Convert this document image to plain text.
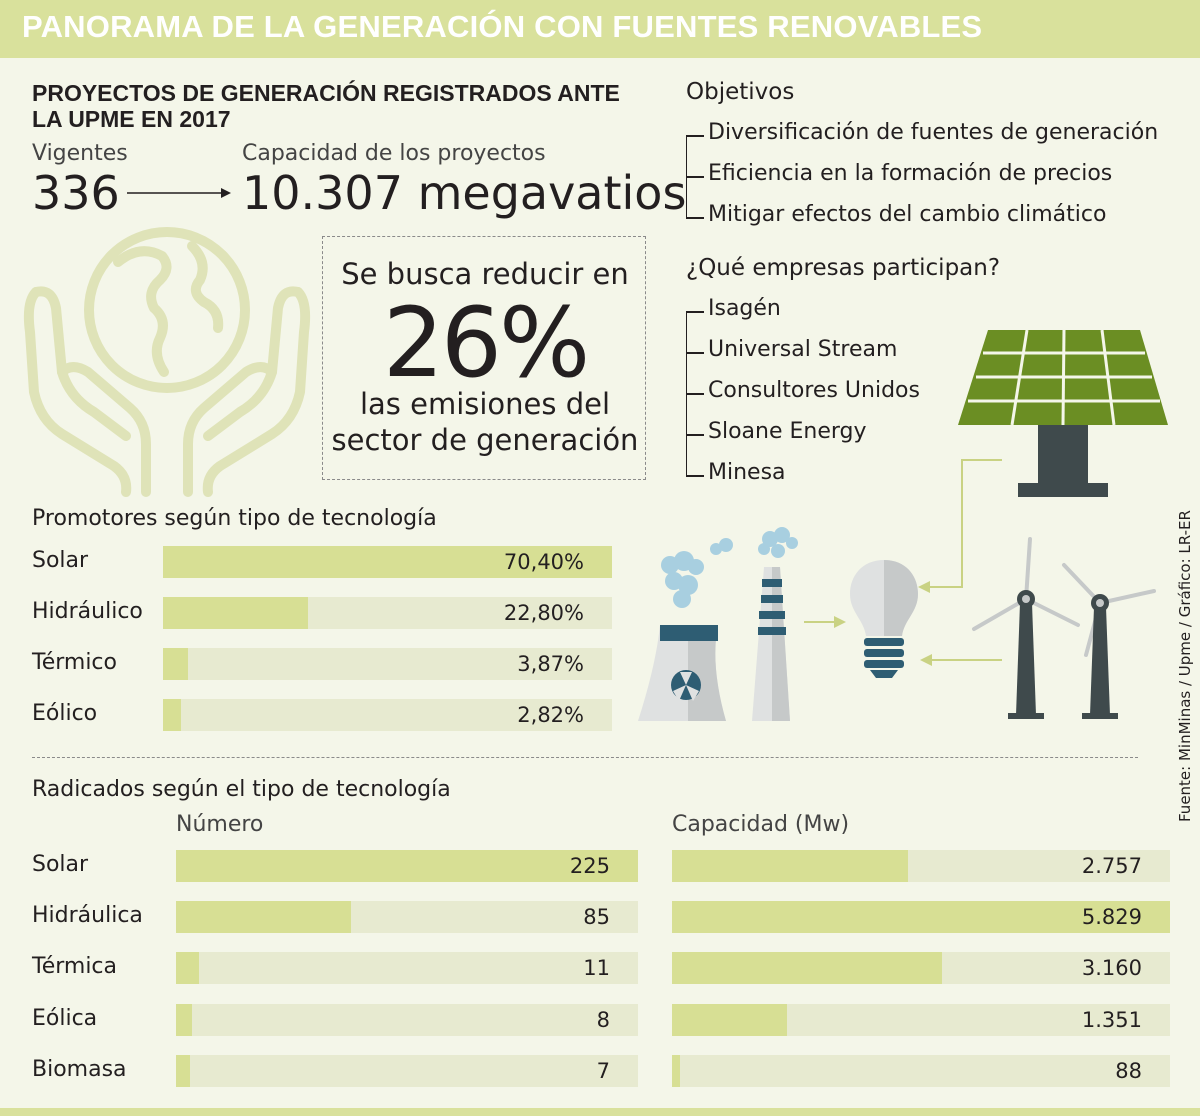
PANORAMA DE LA GENERACIÓN CON FUENTES RENOVABLES
PROYECTOS DE GENERACIÓN REGISTRADOS ANTE LA UPME EN 2017
Vigentes
336
Capacidad de los proyectos
10.307 megavatios
Se busca reducir en
26%
las emisiones del
sector de generación
Objetivos
Diversificación de fuentes de generación
Eficiencia en la formación de precios
Mitigar efectos del cambio climático
¿Qué empresas participan?
Isagén
Universal Stream
Consultores Unidos
Sloane Energy
Minesa
Fuente: MinMinas / Upme / Gráfico: LR-ER
Promotores según tipo de tecnología
Solar	70,40%
Hidráulico	22,80%
Térmico	3,87%
Eólico	2,82%
Radicados según el tipo de tecnología
Número	Capacidad (Mw)
Solar	225	2.757
Hidráulica	85	5.829
Térmica	11	3.160
Eólica	8	1.351
Biomasa	7	88
